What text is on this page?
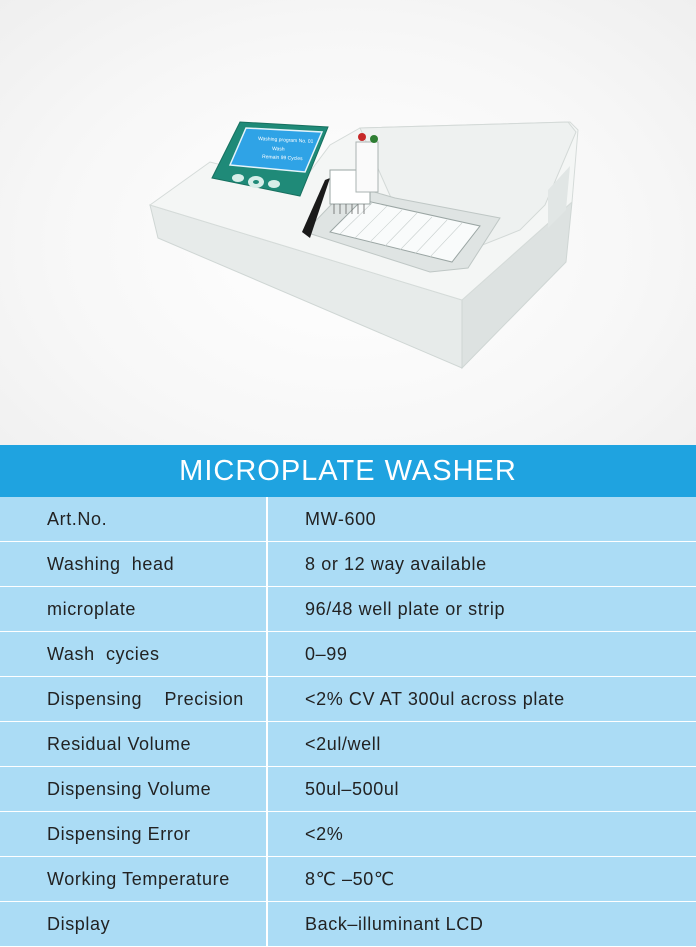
Washing program No. 01
Wash
Remain 99 Cycles
MICROPLATE WASHER
Art.No.	MW-600
Washing  head	8 or 12 way available
microplate	96/48 well plate or strip
Wash  cycies	0–99
Dispensing    Precision	<2% CV AT 300ul across plate
Residual Volume	<2ul/well
Dispensing Volume	50ul–500ul
Dispensing Error	<2%
Working Temperature	8℃ –50℃
Display	Back–illuminant LCD
